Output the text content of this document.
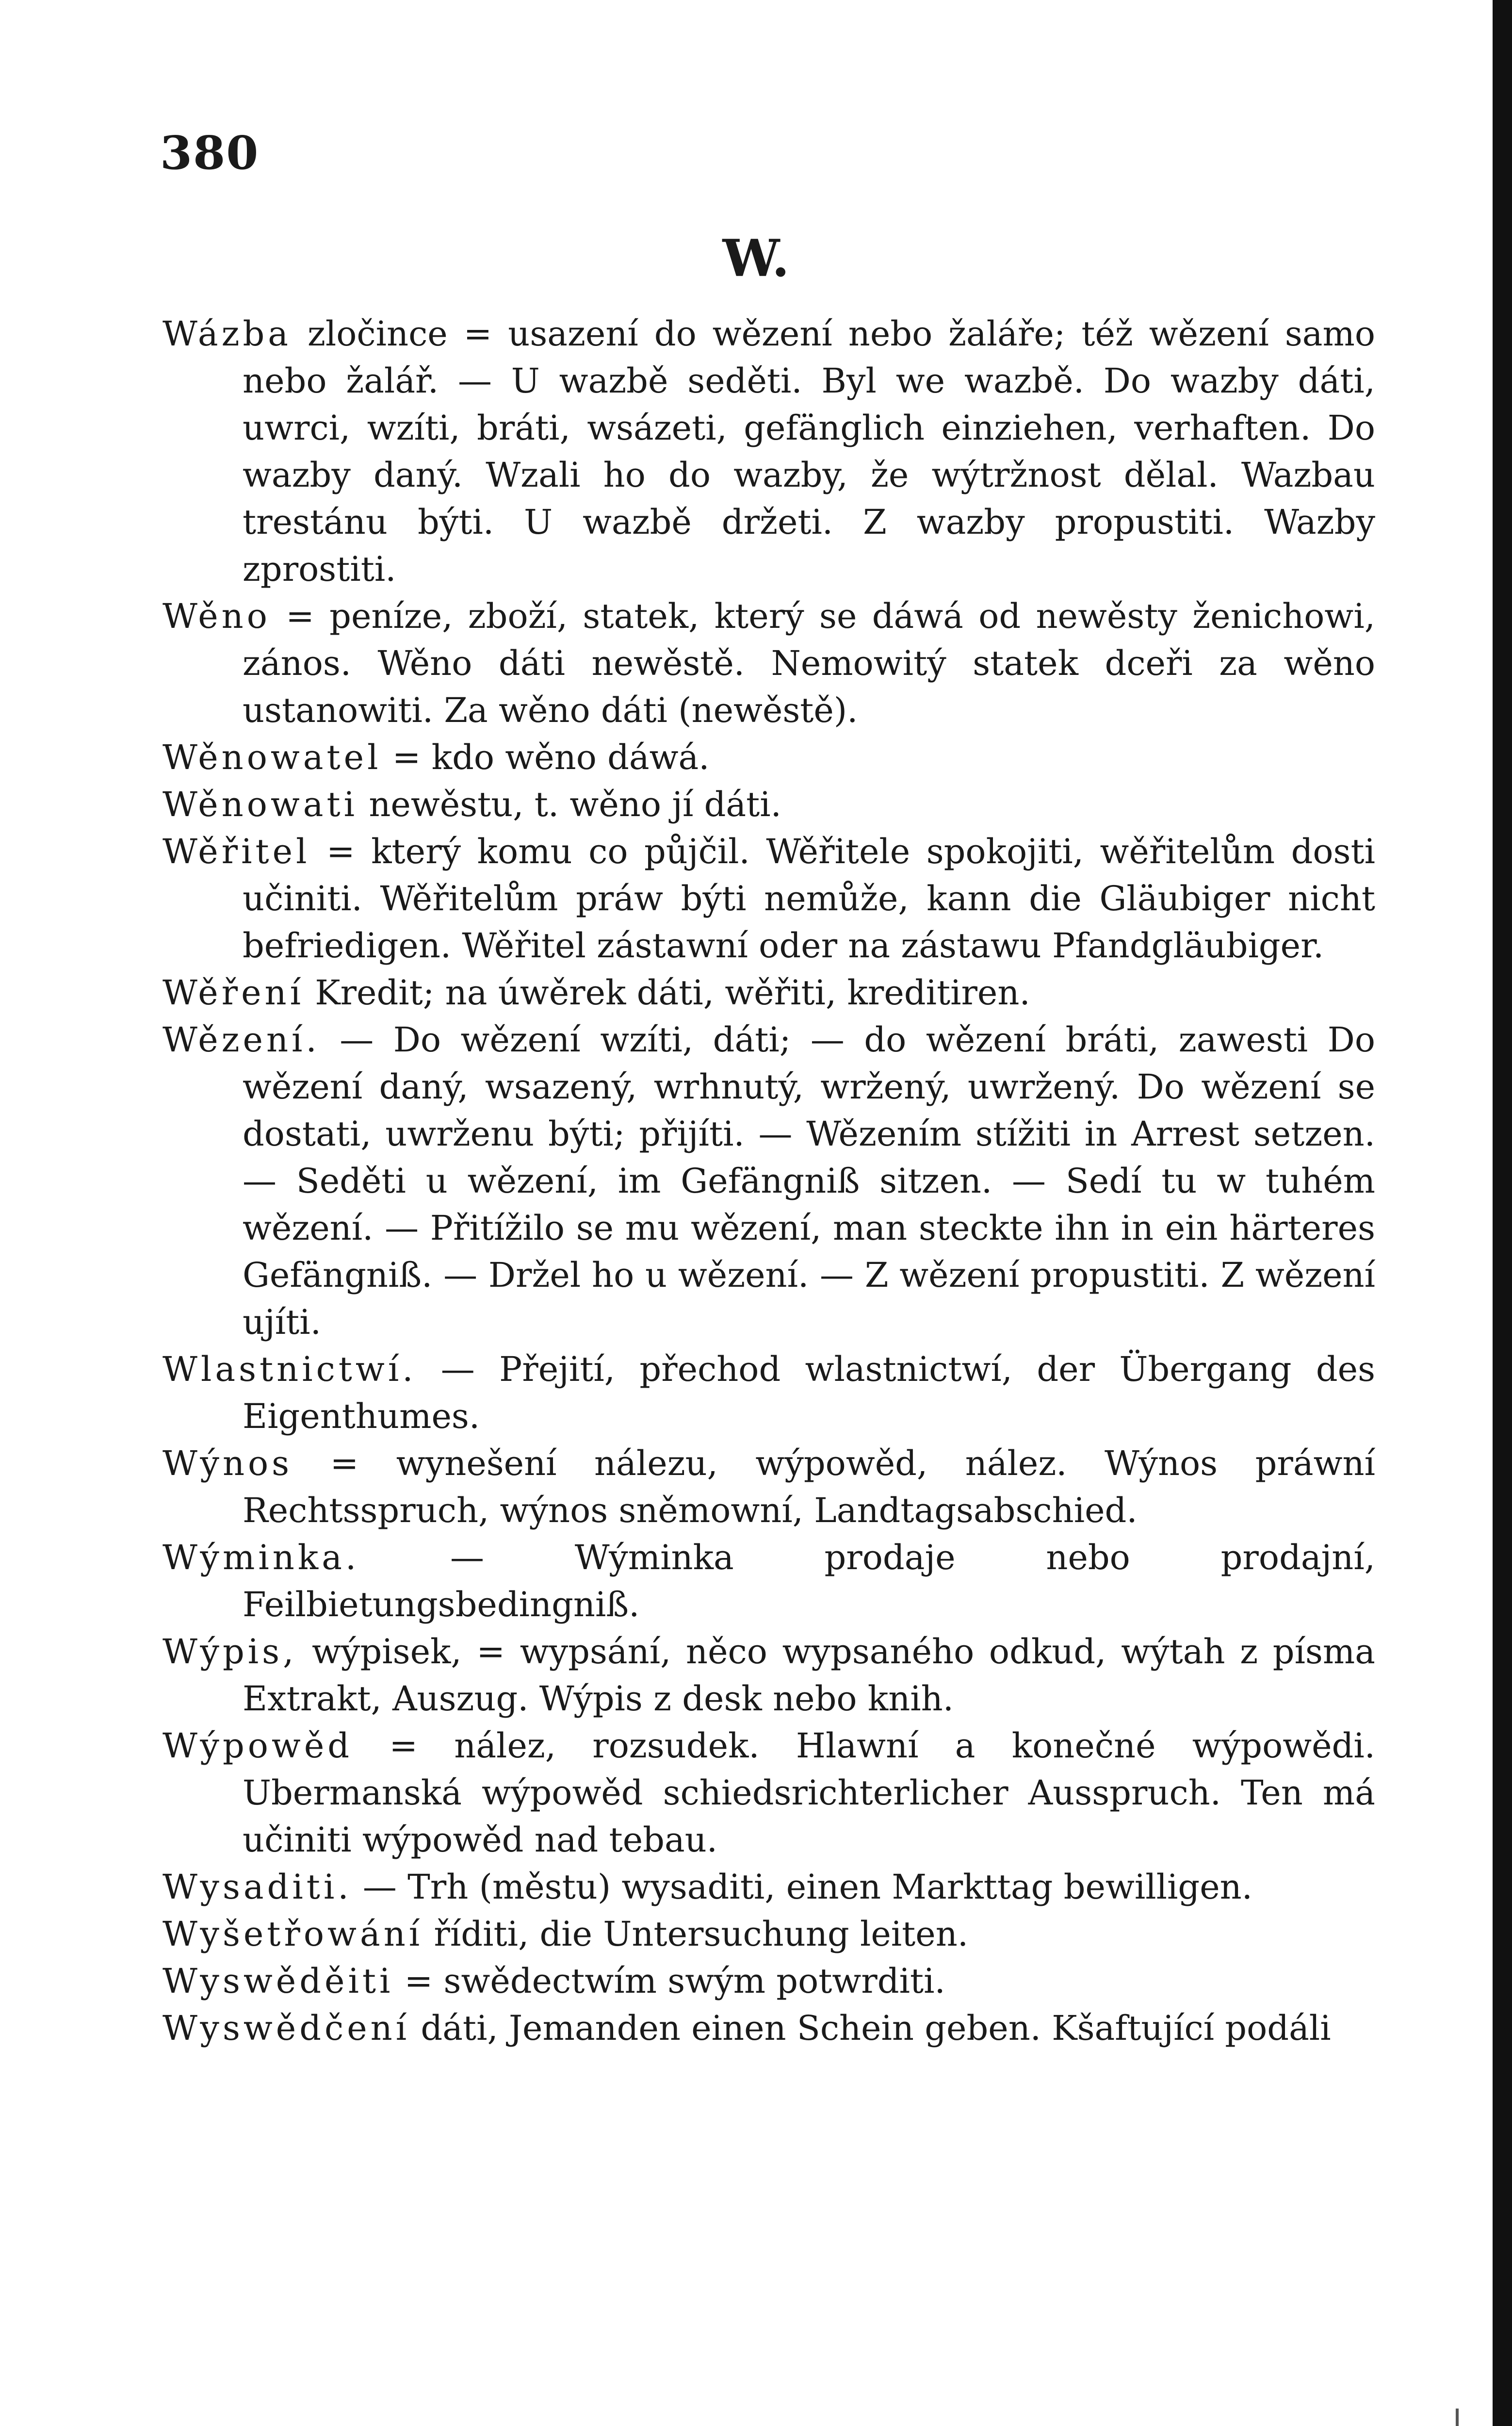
380
W.

Wázba zločince = usazení do wězení nebo žaláře; též wězení samo nebo žalář. — U wazbě seděti. Byl we wazbě. Do wazby dáti, uwrci, wzíti, bráti, wsázeti, gefänglich einziehen, verhaften. Do wazby daný. Wzali ho do wazby, že wýtržnost dělal. Wazbau trestánu býti. U wazbě držeti. Z wazby propustiti. Wazby zprostiti.

Wěno = peníze, zboží, statek, který se dáwá od newěsty ženichowi, zános. Wěno dáti newěstě. Nemowitý statek dceři za wěno ustanowiti. Za wěno dáti (newěstě).

Wěnowatel = kdo wěno dáwá.

Wěnowati newěstu, t. wěno jí dáti.

Wěřitel = který komu co půjčil. Wěřitele spokojiti, wěřitelům dosti učiniti. Wěřitelům práw býti nemůže, kann die Gläubiger nicht befriedigen. Wěřitel zástawní oder na zástawu Pfandgläubiger.

Wěření Kredit; na úwěrek dáti, wěřiti, kreditiren.

Wězení. — Do wězení wzíti, dáti; — do wězení bráti, zawesti Do wězení daný, wsazený, wrhnutý, wržený, uwržený. Do wězení se dostati, uwrženu býti; přijíti. — Wězením stížiti in Arrest setzen. — Seděti u wězení, im Gefängniß sitzen. — Sedí tu w tuhém wězení. — Přitížilo se mu wězení, man steckte ihn in ein härteres Gefängniß. — Držel ho u wězení. — Z wězení propustiti. Z wězení ujíti.

Wlastnictwí. — Přejití, přechod wlastnictwí, der Übergang des Eigenthumes.

Wýnos = wynešení nálezu, wýpowěd, nález. Wýnos práwní Rechtsspruch, wýnos sněmowní, Landtagsabschied.

Wýminka. — Wýminka prodaje nebo prodajní, Feilbietungsbedingniß.

Wýpis, wýpisek, = wypsání, něco wypsaného odkud, wýtah z písma Extrakt, Auszug. Wýpis z desk nebo knih.

Wýpowěd = nález, rozsudek. Hlawní a konečné wýpowědi. Ubermanská wýpowěd schiedsrichterlicher Ausspruch. Ten má učiniti wýpowěd nad tebau.

Wysaditi. — Trh (městu) wysaditi, einen Markttag bewilligen.

Wyšetřowání říditi, die Untersuchung leiten.

Wyswěděiti = swědectwím swým potwrditi.

Wyswědčení dáti, Jemanden einen Schein geben. Kšaftující podáli
